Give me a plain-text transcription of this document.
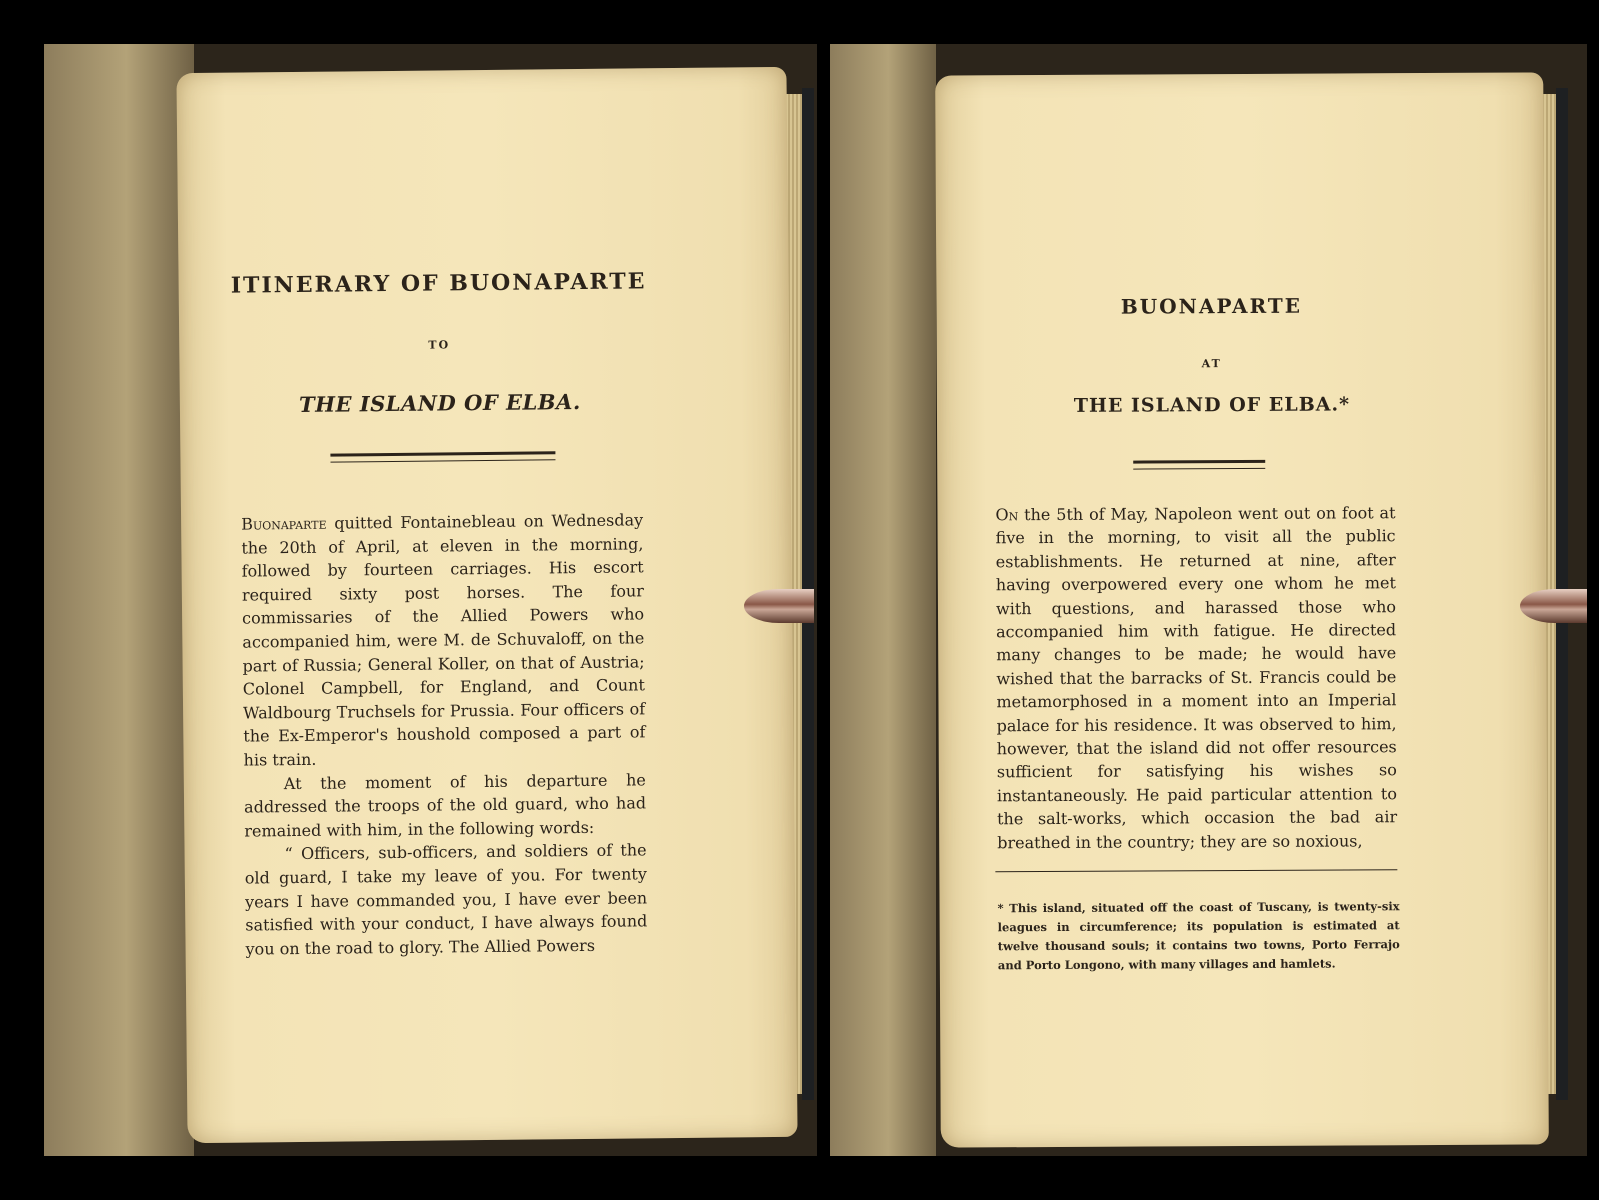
ITINERARY OF BUONAPARTE
TO
THE ISLAND OF ELBA.

Buonaparte quitted Fontainebleau on Wednesday the 20th of April, at eleven in the morning, followed by fourteen carriages. His escort required sixty post horses. The four commissaries of the Allied Powers who accompanied him, were M. de Schuvaloff, on the part of Russia; General Koller, on that of Austria; Colonel Campbell, for England, and Count Waldbourg Truchsels for Prussia. Four officers of the Ex-Emperor's houshold composed a part of his train.

At the moment of his departure he addressed the troops of the old guard, who had remained with him, in the following words:

“ Officers, sub-officers, and soldiers of the old guard, I take my leave of you. For twenty years I have commanded you, I have ever been satisfied with your conduct, I have always found you on the road to glory. The Allied Powers

BUONAPARTE
AT
THE ISLAND OF ELBA.*

On the 5th of May, Napoleon went out on foot at five in the morning, to visit all the public establishments. He returned at nine, after having overpowered every one whom he met with questions, and harassed those who accompanied him with fatigue. He directed many changes to be made; he would have wished that the barracks of St. Francis could be metamorphosed in a moment into an Imperial palace for his residence. It was observed to him, however, that the island did not offer resources sufficient for satisfying his wishes so instantaneously. He paid particular attention to the salt-works, which occasion the bad air breathed in the country; they are so noxious,

* This island, situated off the coast of Tuscany, is twenty-six leagues in circumference; its population is estimated at twelve thousand souls; it contains two towns, Porto Ferrajo and Porto Longono, with many villages and hamlets.
